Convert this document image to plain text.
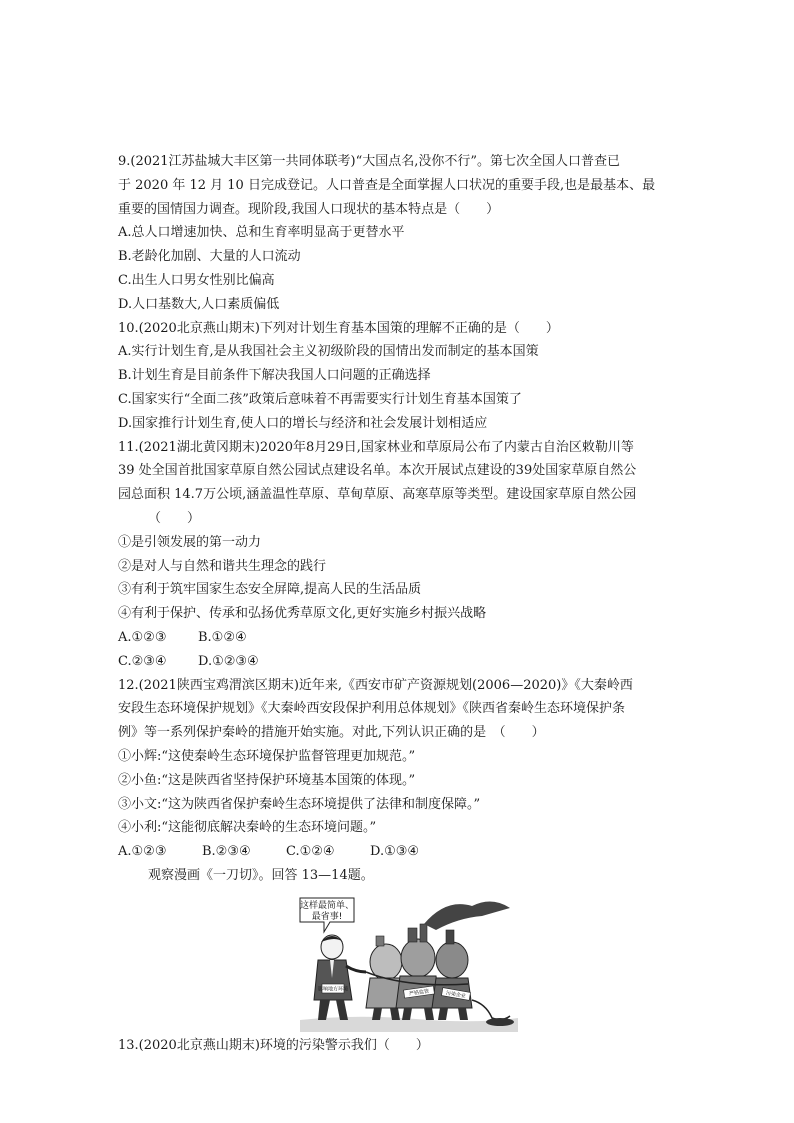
9.(2021江苏盐城大丰区第一共同体联考)“大国点名,没你不行”。第七次全国人口普查已

于 2020 年 12 月 10 日完成登记。人口普查是全面掌握人口状况的重要手段,也是最基本、最

重要的国情国力调查。现阶段,我国人口现状的基本特点是（　　）

A.总人口增速加快、总和生育率明显高于更替水平

B.老龄化加剧、大量的人口流动

C.出生人口男女性别比偏高

D.人口基数大,人口素质偏低

10.(2020北京燕山期末)下列对计划生育基本国策的理解不正确的是（　　）

A.实行计划生育,是从我国社会主义初级阶段的国情出发而制定的基本国策

B.计划生育是目前条件下解决我国人口问题的正确选择

C.国家实行“全面二孩”政策后意味着不再需要实行计划生育基本国策了

D.国家推行计划生育,使人口的增长与经济和社会发展计划相适应

11.(2021湖北黄冈期末)2020年8月29日,国家林业和草原局公布了内蒙古自治区敕勒川等

39 处全国首批国家草原自然公园试点建设名单。本次开展试点建设的39处国家草原自然公

园总面积 14.7万公顷,涵盖温性草原、草甸草原、高寒草原等类型。建设国家草原自然公园

（　　）

①是引领发展的第一动力

②是对人与自然和谐共生理念的践行

③有利于筑牢国家生态安全屏障,提高人民的生活品质

④有利于保护、传承和弘扬优秀草原文化,更好实施乡村振兴战略

A.①②③	B.①②④
C.②③④	D.①②③④

12.(2021陕西宝鸡渭滨区期末)近年来,《西安市矿产资源规划(2006—2020)》《大秦岭西

安段生态环境保护规划》《大秦岭西安段保护利用总体规划》《陕西省秦岭生态环境保护条

例》等一系列保护秦岭的措施开始实施。对此,下列认识正确的是　（　　）

①小辉:“这使秦岭生态环境保护监督管理更加规范。”

②小鱼:“这是陕西省坚持保护环境基本国策的体现。”

③小文:“这为陕西省保护秦岭生态环境提供了法律和制度保障。”

④小利:“这能彻底解决秦岭的生态环境问题。”

A.①②③	B.②③④	C.①②④	D.①③④

观察漫画《一刀切》。回答 13—14题。

这样最简单、
最省事!
影响地方环境	严格监管	污染企业

13.(2020北京燕山期末)环境的污染警示我们（　　）
